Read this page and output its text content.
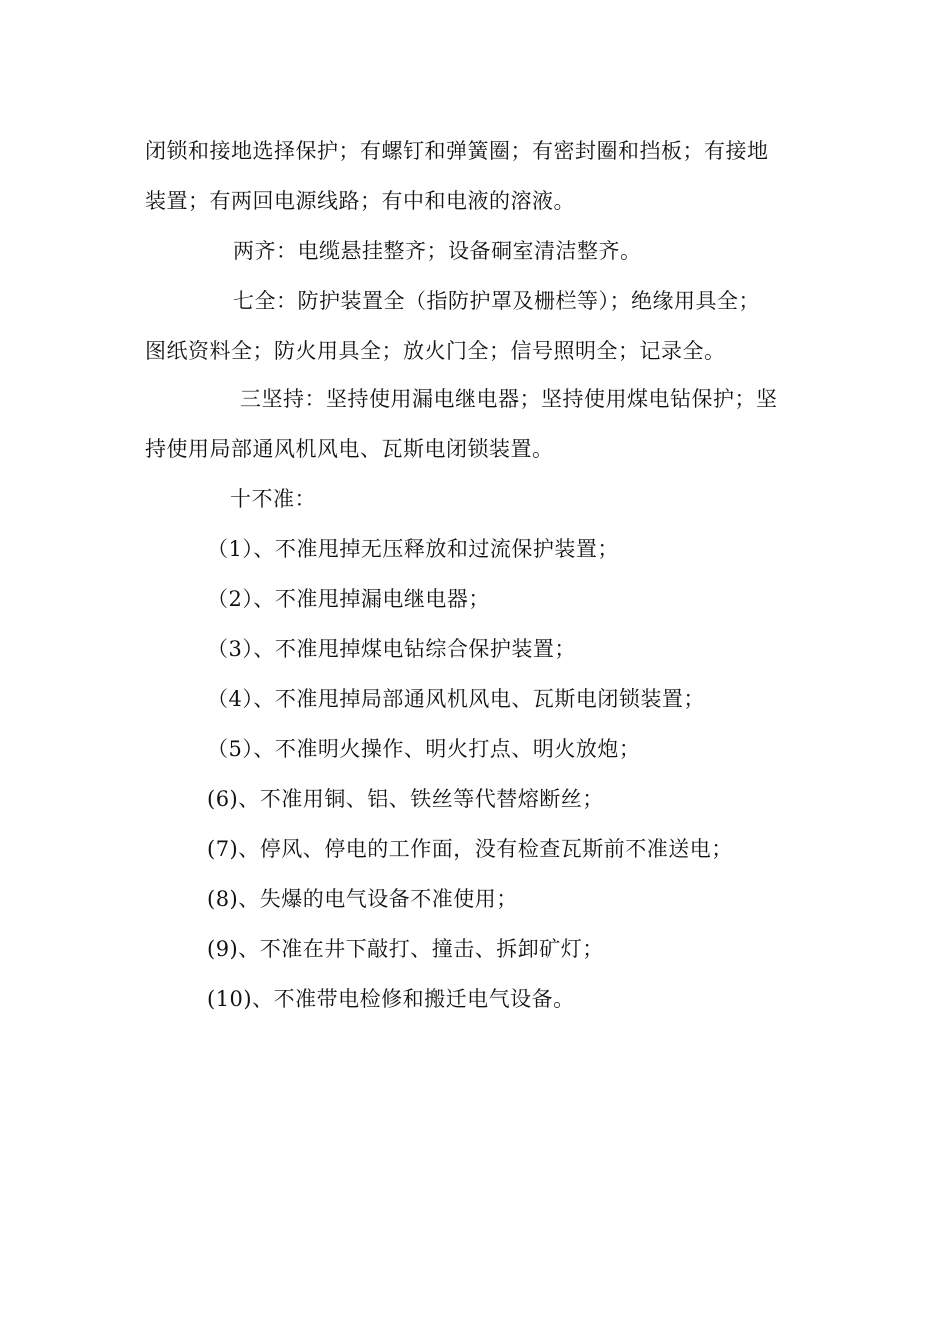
闭锁和接地选择保护；有螺钉和弹簧圈；有密封圈和挡板；有接地
装置；有两回电源线路；有中和电液的溶液。
两齐：电缆悬挂整齐；设备硐室清洁整齐。
七全：防护装置全（指防护罩及栅栏等）；绝缘用具全；
图纸资料全；防火用具全；放火门全；信号照明全；记录全。
三坚持：坚持使用漏电继电器；坚持使用煤电钻保护；坚
持使用局部通风机风电、瓦斯电闭锁装置。
十不准：
（1）、不准甩掉无压释放和过流保护装置；
（2）、不准甩掉漏电继电器；
（3）、不准甩掉煤电钻综合保护装置；
（4）、不准甩掉局部通风机风电、瓦斯电闭锁装置；
（5）、不准明火操作、明火打点、明火放炮；
(6)、不准用铜、铝、铁丝等代替熔断丝；
(7)、停风、停电的工作面，没有检查瓦斯前不准送电；
(8)、失爆的电气设备不准使用；
(9)、不准在井下敲打、撞击、拆卸矿灯；
(10)、不准带电检修和搬迁电气设备。
